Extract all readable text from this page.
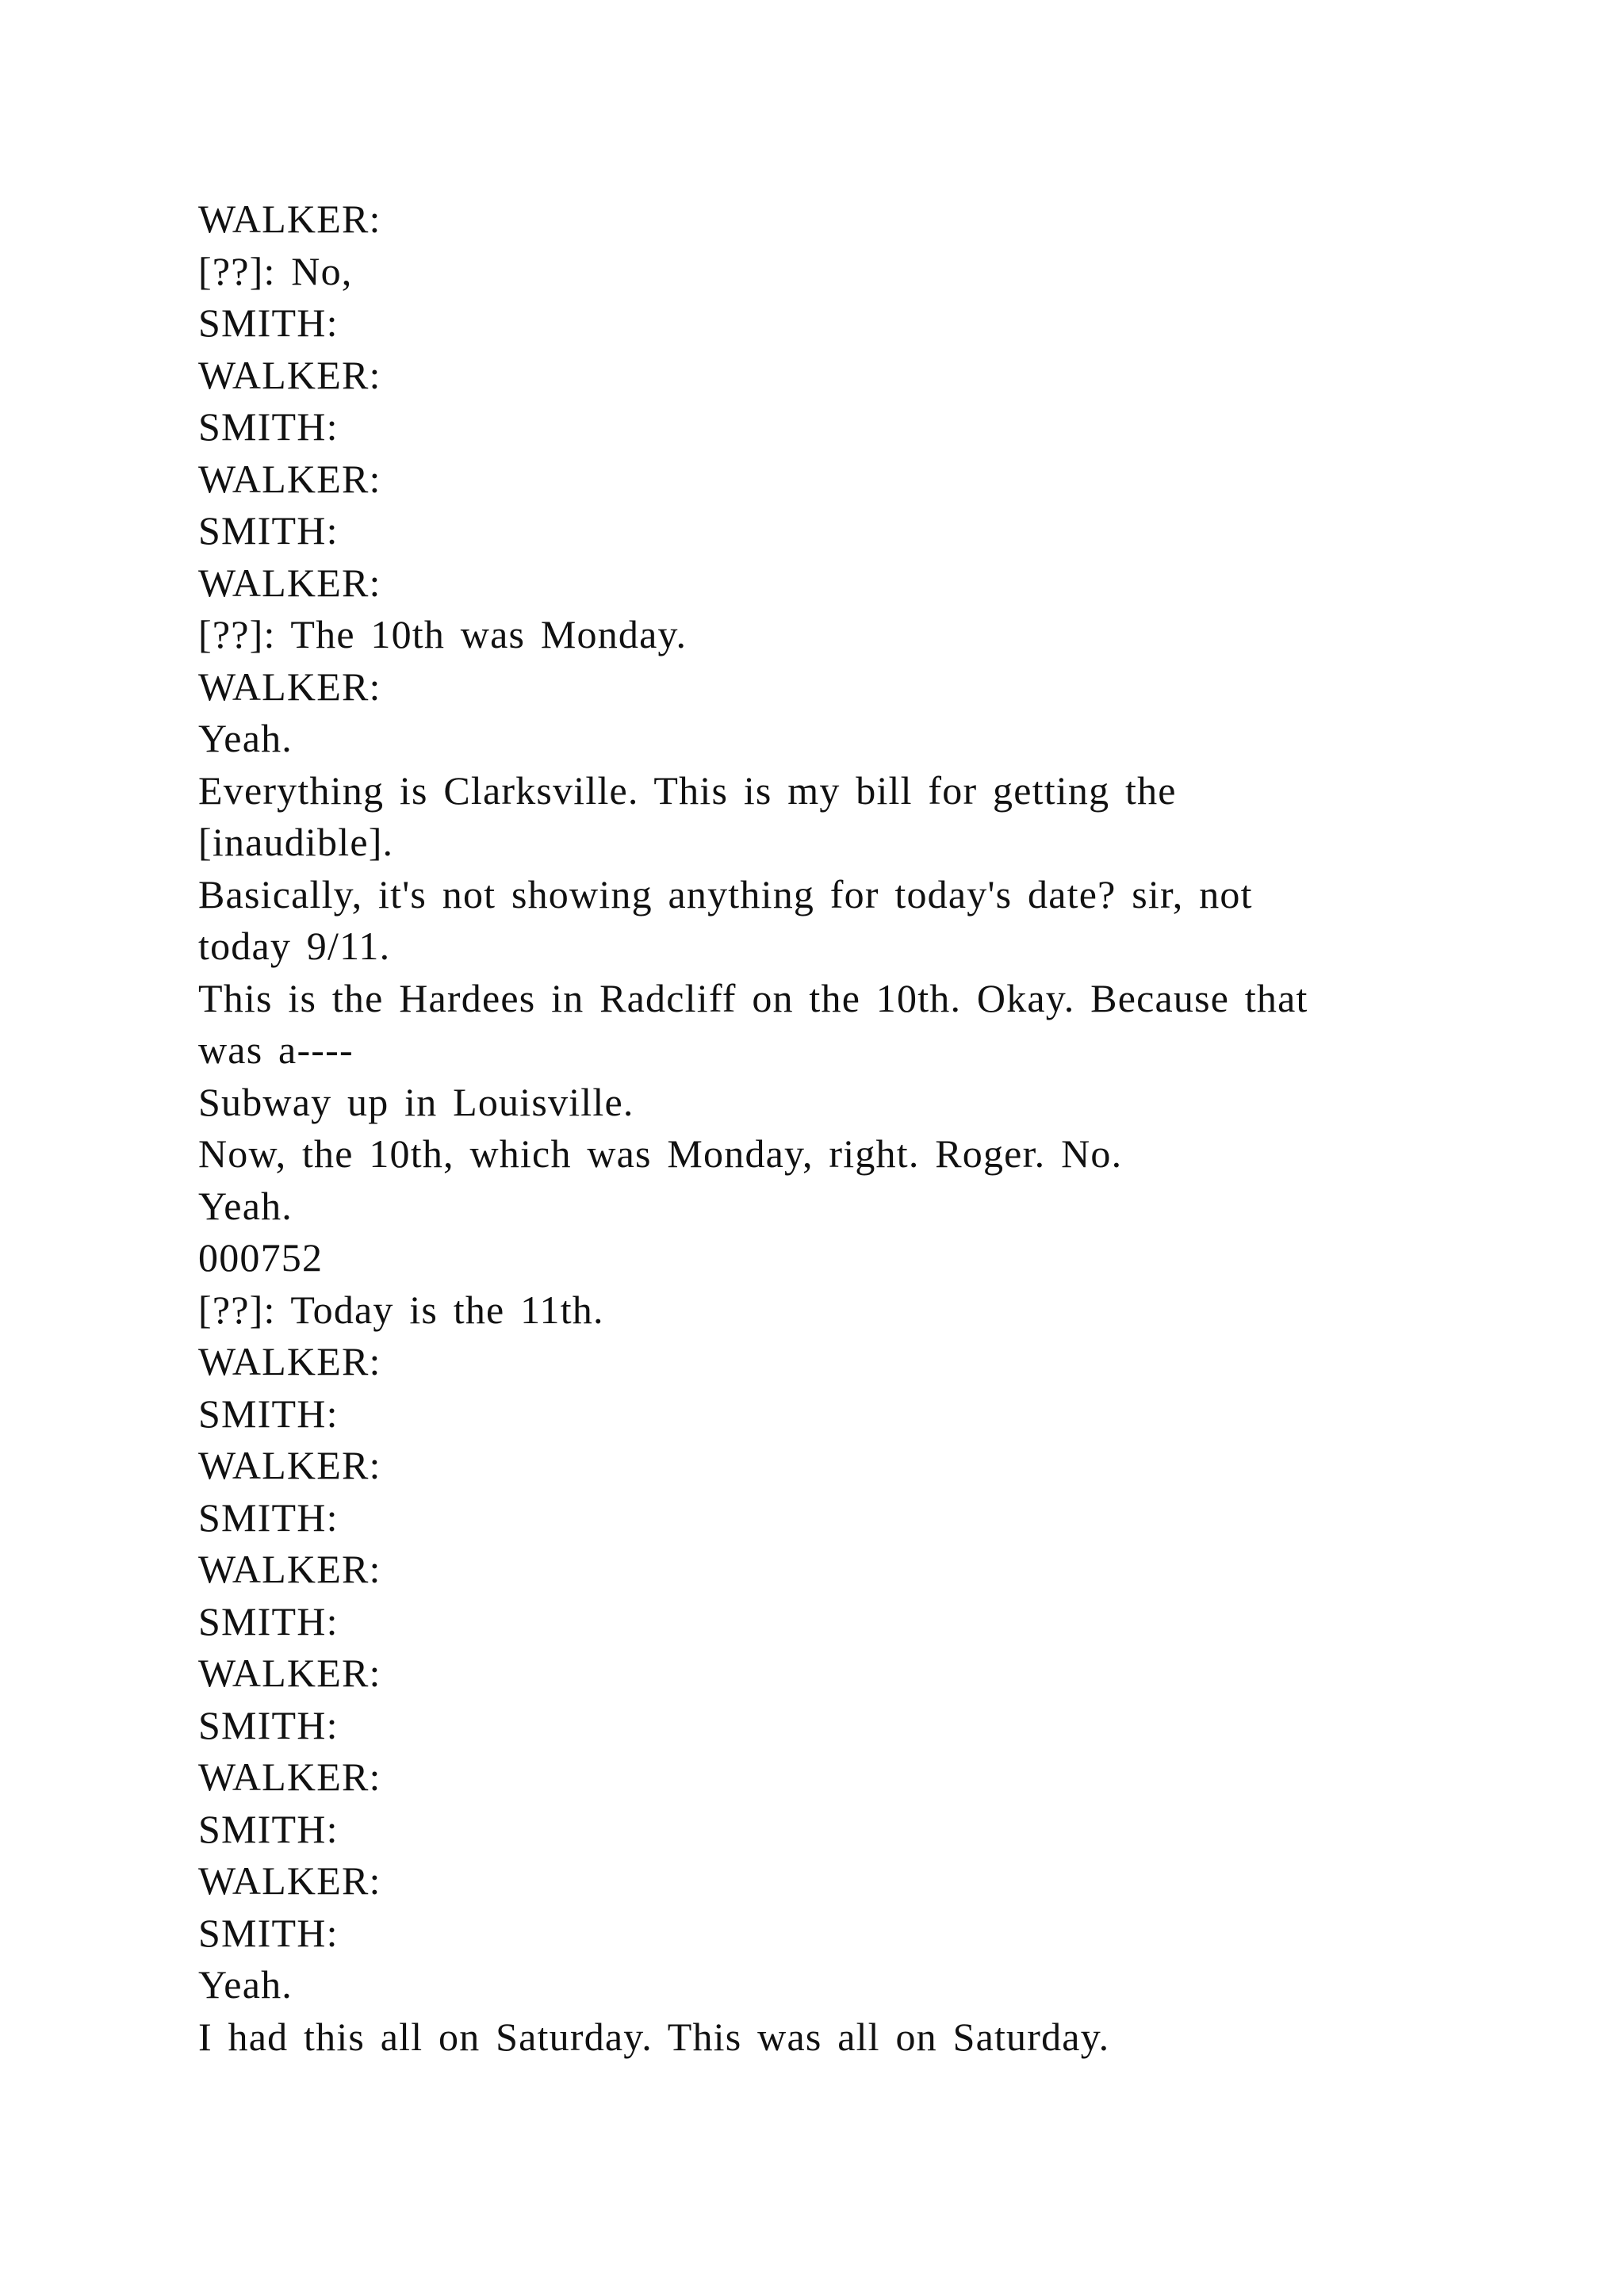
WALKER:
[??]: No,
SMITH:
WALKER:
SMITH:
WALKER:
SMITH:
WALKER:
[??]: The 10th was Monday.
WALKER:
Yeah.
Everything is Clarksville. This is my bill for getting the
[inaudible].
Basically, it's not showing anything for today's date? sir, not
today 9/11.
This is the Hardees in Radcliff on the 10th. Okay. Because that
was a----
Subway up in Louisville.
Now, the 10th, which was Monday, right. Roger. No.
Yeah.
000752
[??]: Today is the 11th.
WALKER:
SMITH:
WALKER:
SMITH:
WALKER:
SMITH:
WALKER:
SMITH:
WALKER:
SMITH:
WALKER:
SMITH:
Yeah.
I had this all on Saturday. This was all on Saturday.
